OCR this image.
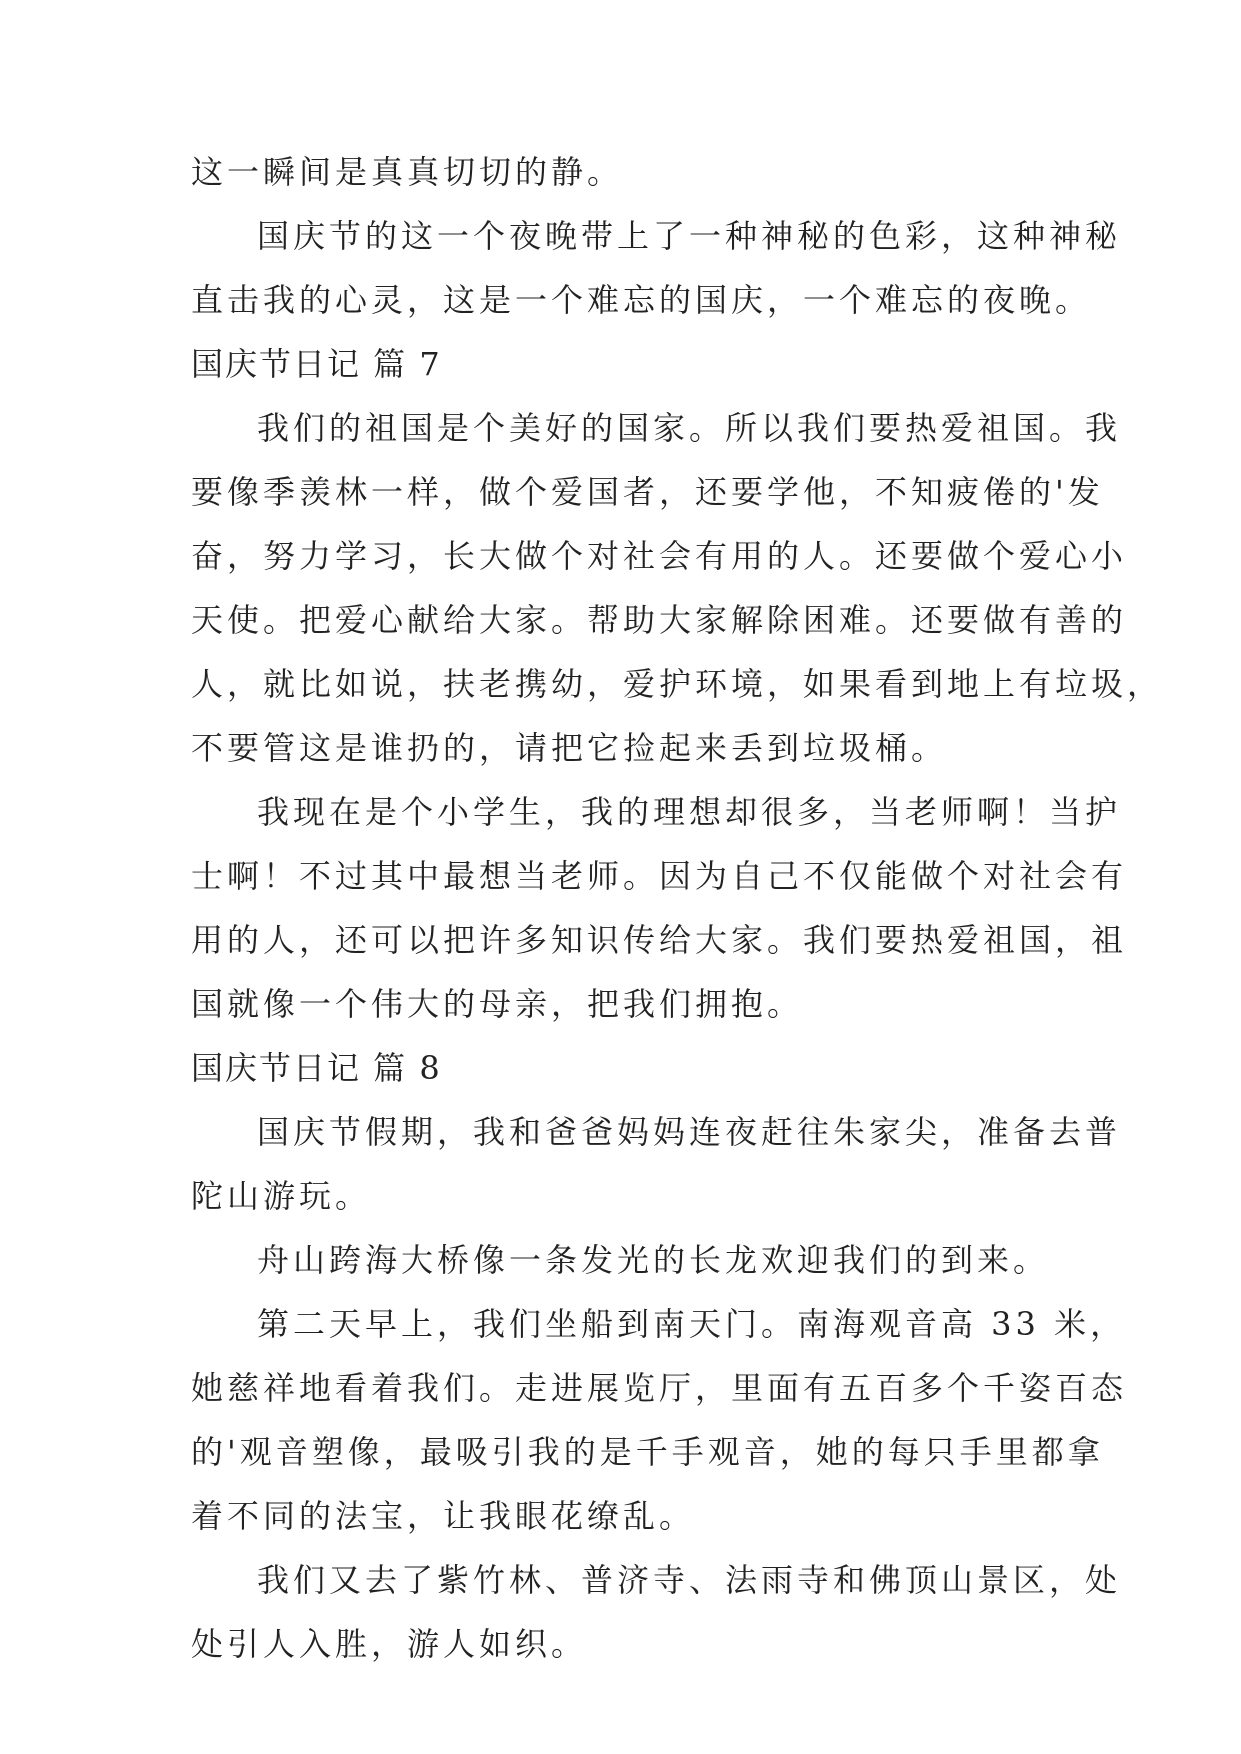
这一瞬间是真真切切的静。
国庆节的这一个夜晚带上了一种神秘的色彩，这种神秘
直击我的心灵，这是一个难忘的国庆，一个难忘的夜晚。
国庆节日记 篇 7
我们的祖国是个美好的国家。所以我们要热爱祖国。我
要像季羡林一样，做个爱国者，还要学他，不知疲倦的'发
奋，努力学习，长大做个对社会有用的人。还要做个爱心小
天使。把爱心献给大家。帮助大家解除困难。还要做有善的
人，就比如说，扶老携幼，爱护环境，如果看到地上有垃圾，
不要管这是谁扔的，请把它捡起来丢到垃圾桶。
我现在是个小学生，我的理想却很多，当老师啊！当护
士啊！不过其中最想当老师。因为自己不仅能做个对社会有
用的人，还可以把许多知识传给大家。我们要热爱祖国，祖
国就像一个伟大的母亲，把我们拥抱。
国庆节日记 篇 8
国庆节假期，我和爸爸妈妈连夜赶往朱家尖，准备去普
陀山游玩。
舟山跨海大桥像一条发光的长龙欢迎我们的到来。
第二天早上，我们坐船到南天门。南海观音高 33 米，
她慈祥地看着我们。走进展览厅，里面有五百多个千姿百态
的'观音塑像，最吸引我的是千手观音，她的每只手里都拿
着不同的法宝，让我眼花缭乱。
我们又去了紫竹林、普济寺、法雨寺和佛顶山景区，处
处引人入胜，游人如织。
